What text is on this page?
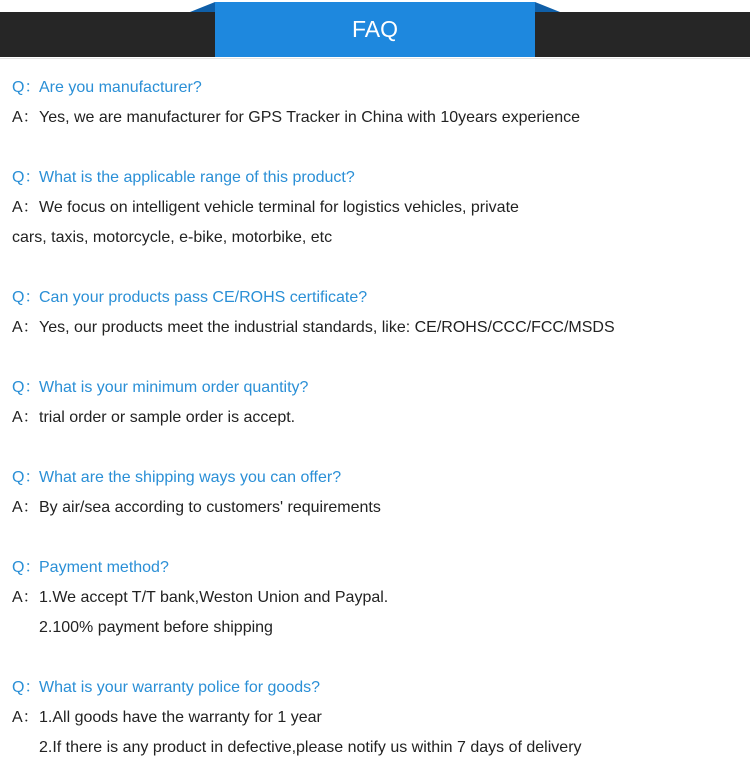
FAQ
Q：Are you manufacturer?
A：Yes, we are manufacturer for GPS Tracker in China with 10years experience
Q：What is the applicable range of this product?
A：We focus on intelligent vehicle terminal for logistics vehicles, private
cars, taxis, motorcycle, e-bike, motorbike, etc
Q：Can your products pass CE/ROHS certificate?
A：Yes, our products meet the industrial standards, like: CE/ROHS/CCC/FCC/MSDS
Q：What is your minimum order quantity?
A：trial order or sample order is accept.
Q：What are the shipping ways you can offer?
A：By air/sea according to customers' requirements
Q：Payment method?
A：1.We accept T/T bank,Weston Union and Paypal.
2.100% payment before shipping
Q：What is your warranty police for goods?
A：1.All goods have the warranty for 1 year
2.If there is any product in defective,please notify us within 7 days of delivery
